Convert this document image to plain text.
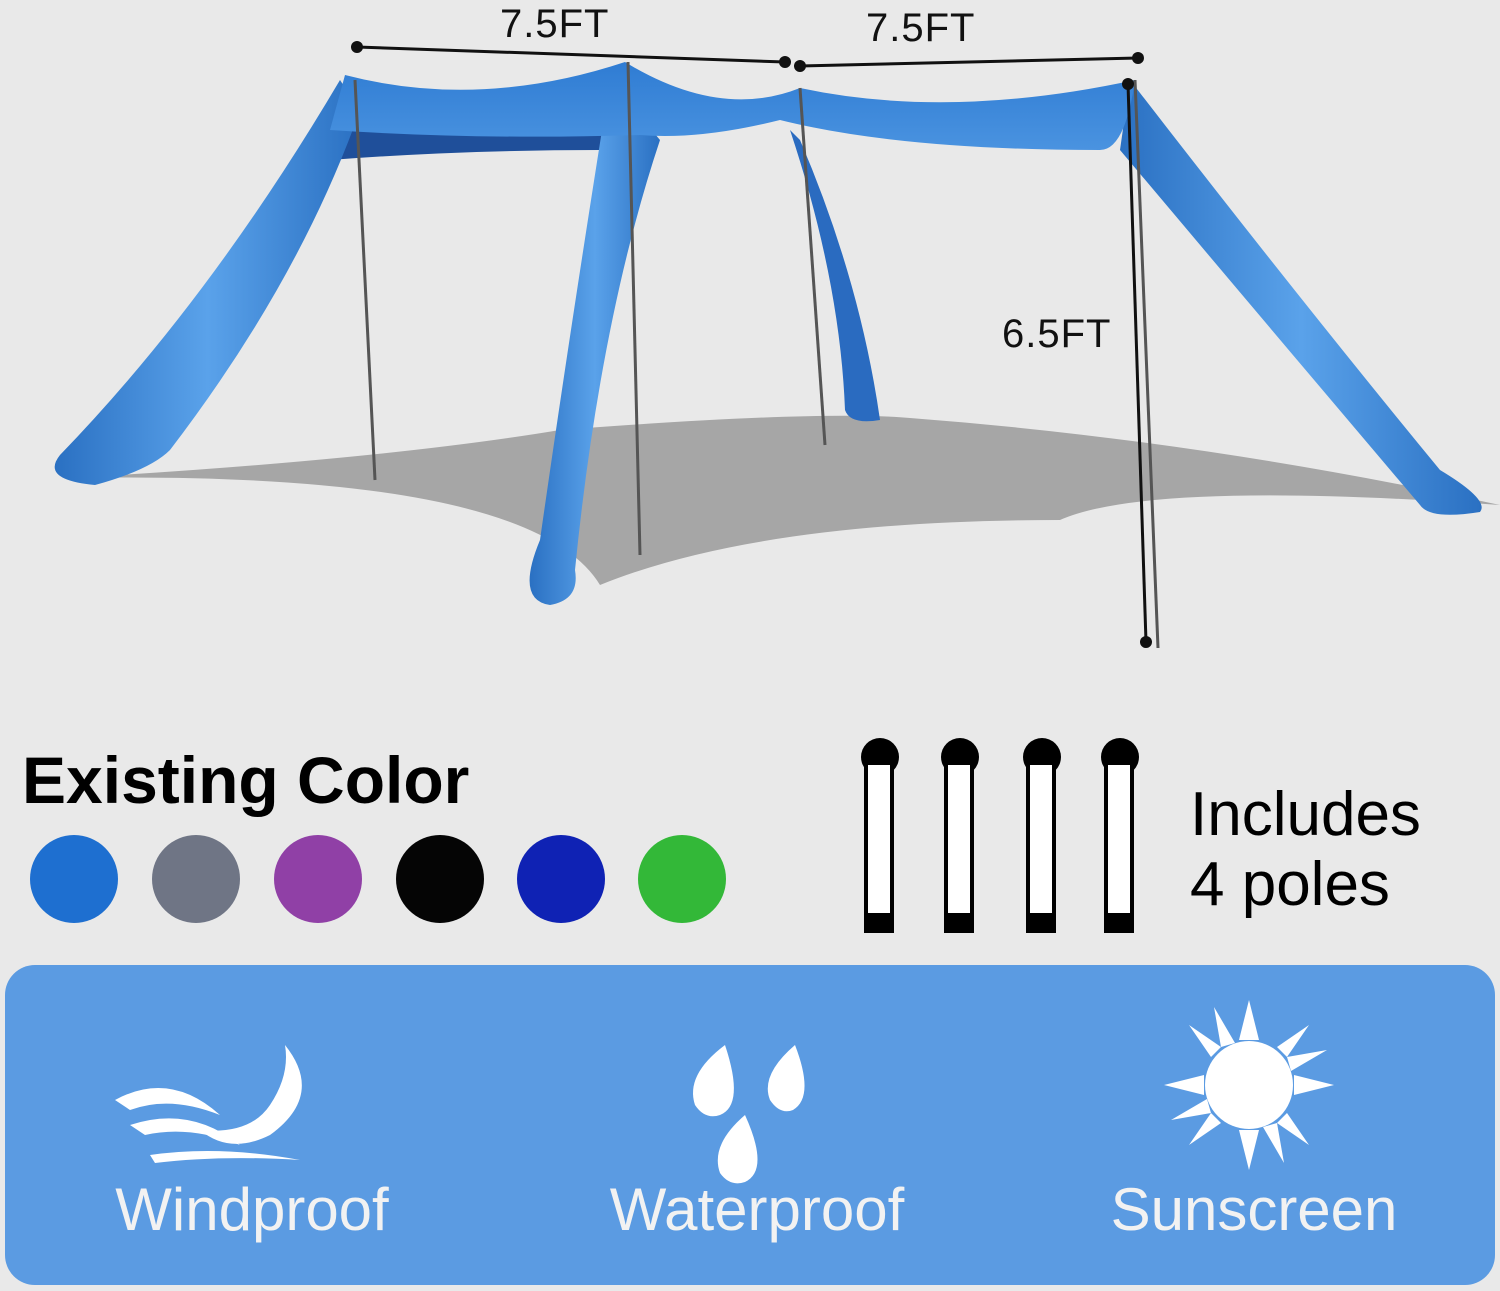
7.5FT	7.5FT
6.5FT
Existing Color	Includes
4 poles
Windproof	Waterproof	Sunscreen
